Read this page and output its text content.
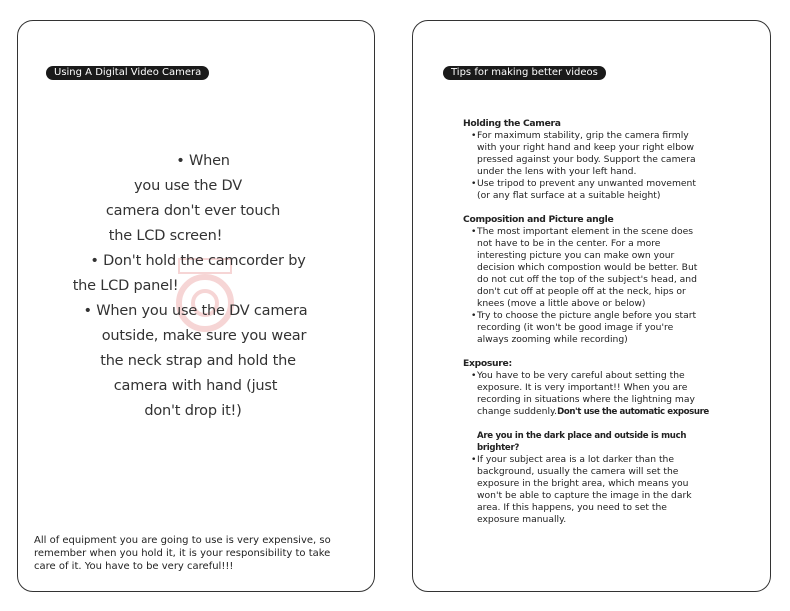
Using A Digital Video Camera
• When
you use the DV
camera don't ever touch
the LCD screen!
• Don't hold the camcorder by
the LCD panel!
• When you use the DV camera
outside, make sure you wear
the neck strap and hold the
camera with hand (just
don't drop it!)
All of equipment you are going to use is very expensive, so
remember when you hold it, it is your responsibility to take
care of it. You have to be very careful!!!
Tips for making better videos
Holding the Camera
• For maximum stability, grip the camera firmly
with your right hand and keep your right elbow
pressed against your body. Support the camera
under the lens with your left hand.
• Use tripod to prevent any unwanted movement
(or any flat surface at a suitable height)
Composition and Picture angle
• The most important element in the scene does
not have to be in the center. For a more
interesting picture you can make own your
decision which compostion would be better. But
do not cut off the top of the subject's head, and
don't cut off at people off at the neck, hips or
knees (move a little above or below)
• Try to choose the picture angle before you start
recording (it won't be good image if you're
always zooming while recording)
Exposure:
• You have to be very careful about setting the
exposure. It is very important!! When you are
recording in situations where the lightning may
change suddenly.Don't use the automatic exposure
Are you in the dark place and outside is much
brighter?
• If your subject area is a lot darker than the
background, usually the camera will set the
exposure in the bright area, which means you
won't be able to capture the image in the dark
area. If this happens, you need to set the
exposure manually.
